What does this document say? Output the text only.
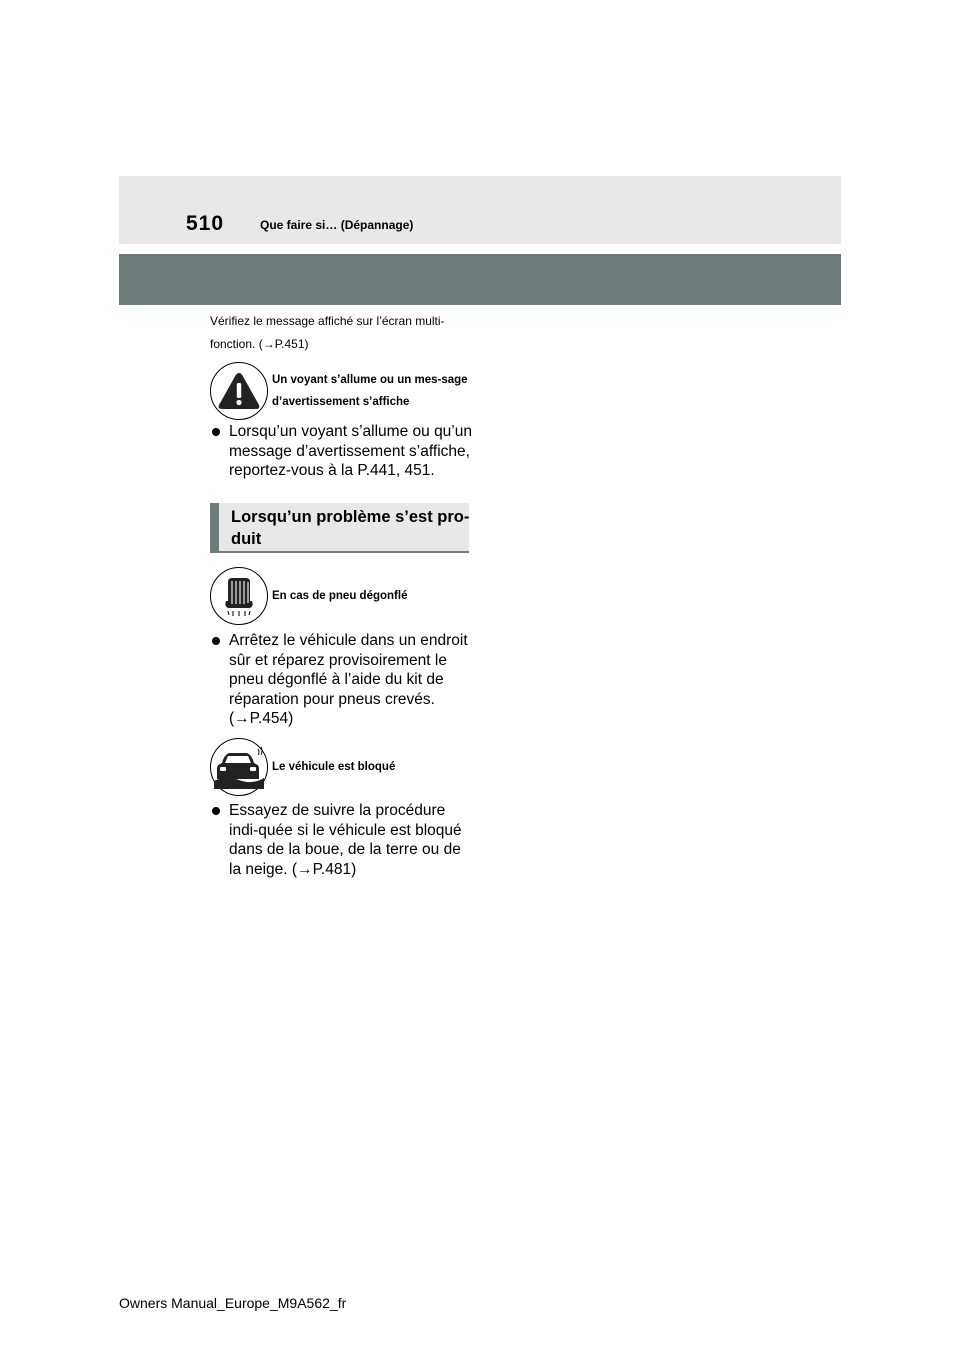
510	Que faire si… (Dépannage)
Vérifiez le message affiché sur l’écran multi-fonction. (→P.451)
Un voyant s’allume ou un mes-sage d’avertissement s’affiche
Lorsqu’un voyant s’allume ou qu’un message d’avertissement s’affiche, reportez-vous à la P.441, 451.
Lorsqu’un problème s’est pro-duit
En cas de pneu dégonflé
Arrêtez le véhicule dans un endroit sûr et réparez provisoirement le pneu dégonflé à l’aide du kit de réparation pour pneus crevés. (→P.454)
Le véhicule est bloqué
Essayez de suivre la procédure indi-quée si le véhicule est bloqué dans de la boue, de la terre ou de la neige. (→P.481)
Owners Manual_Europe_M9A562_fr
